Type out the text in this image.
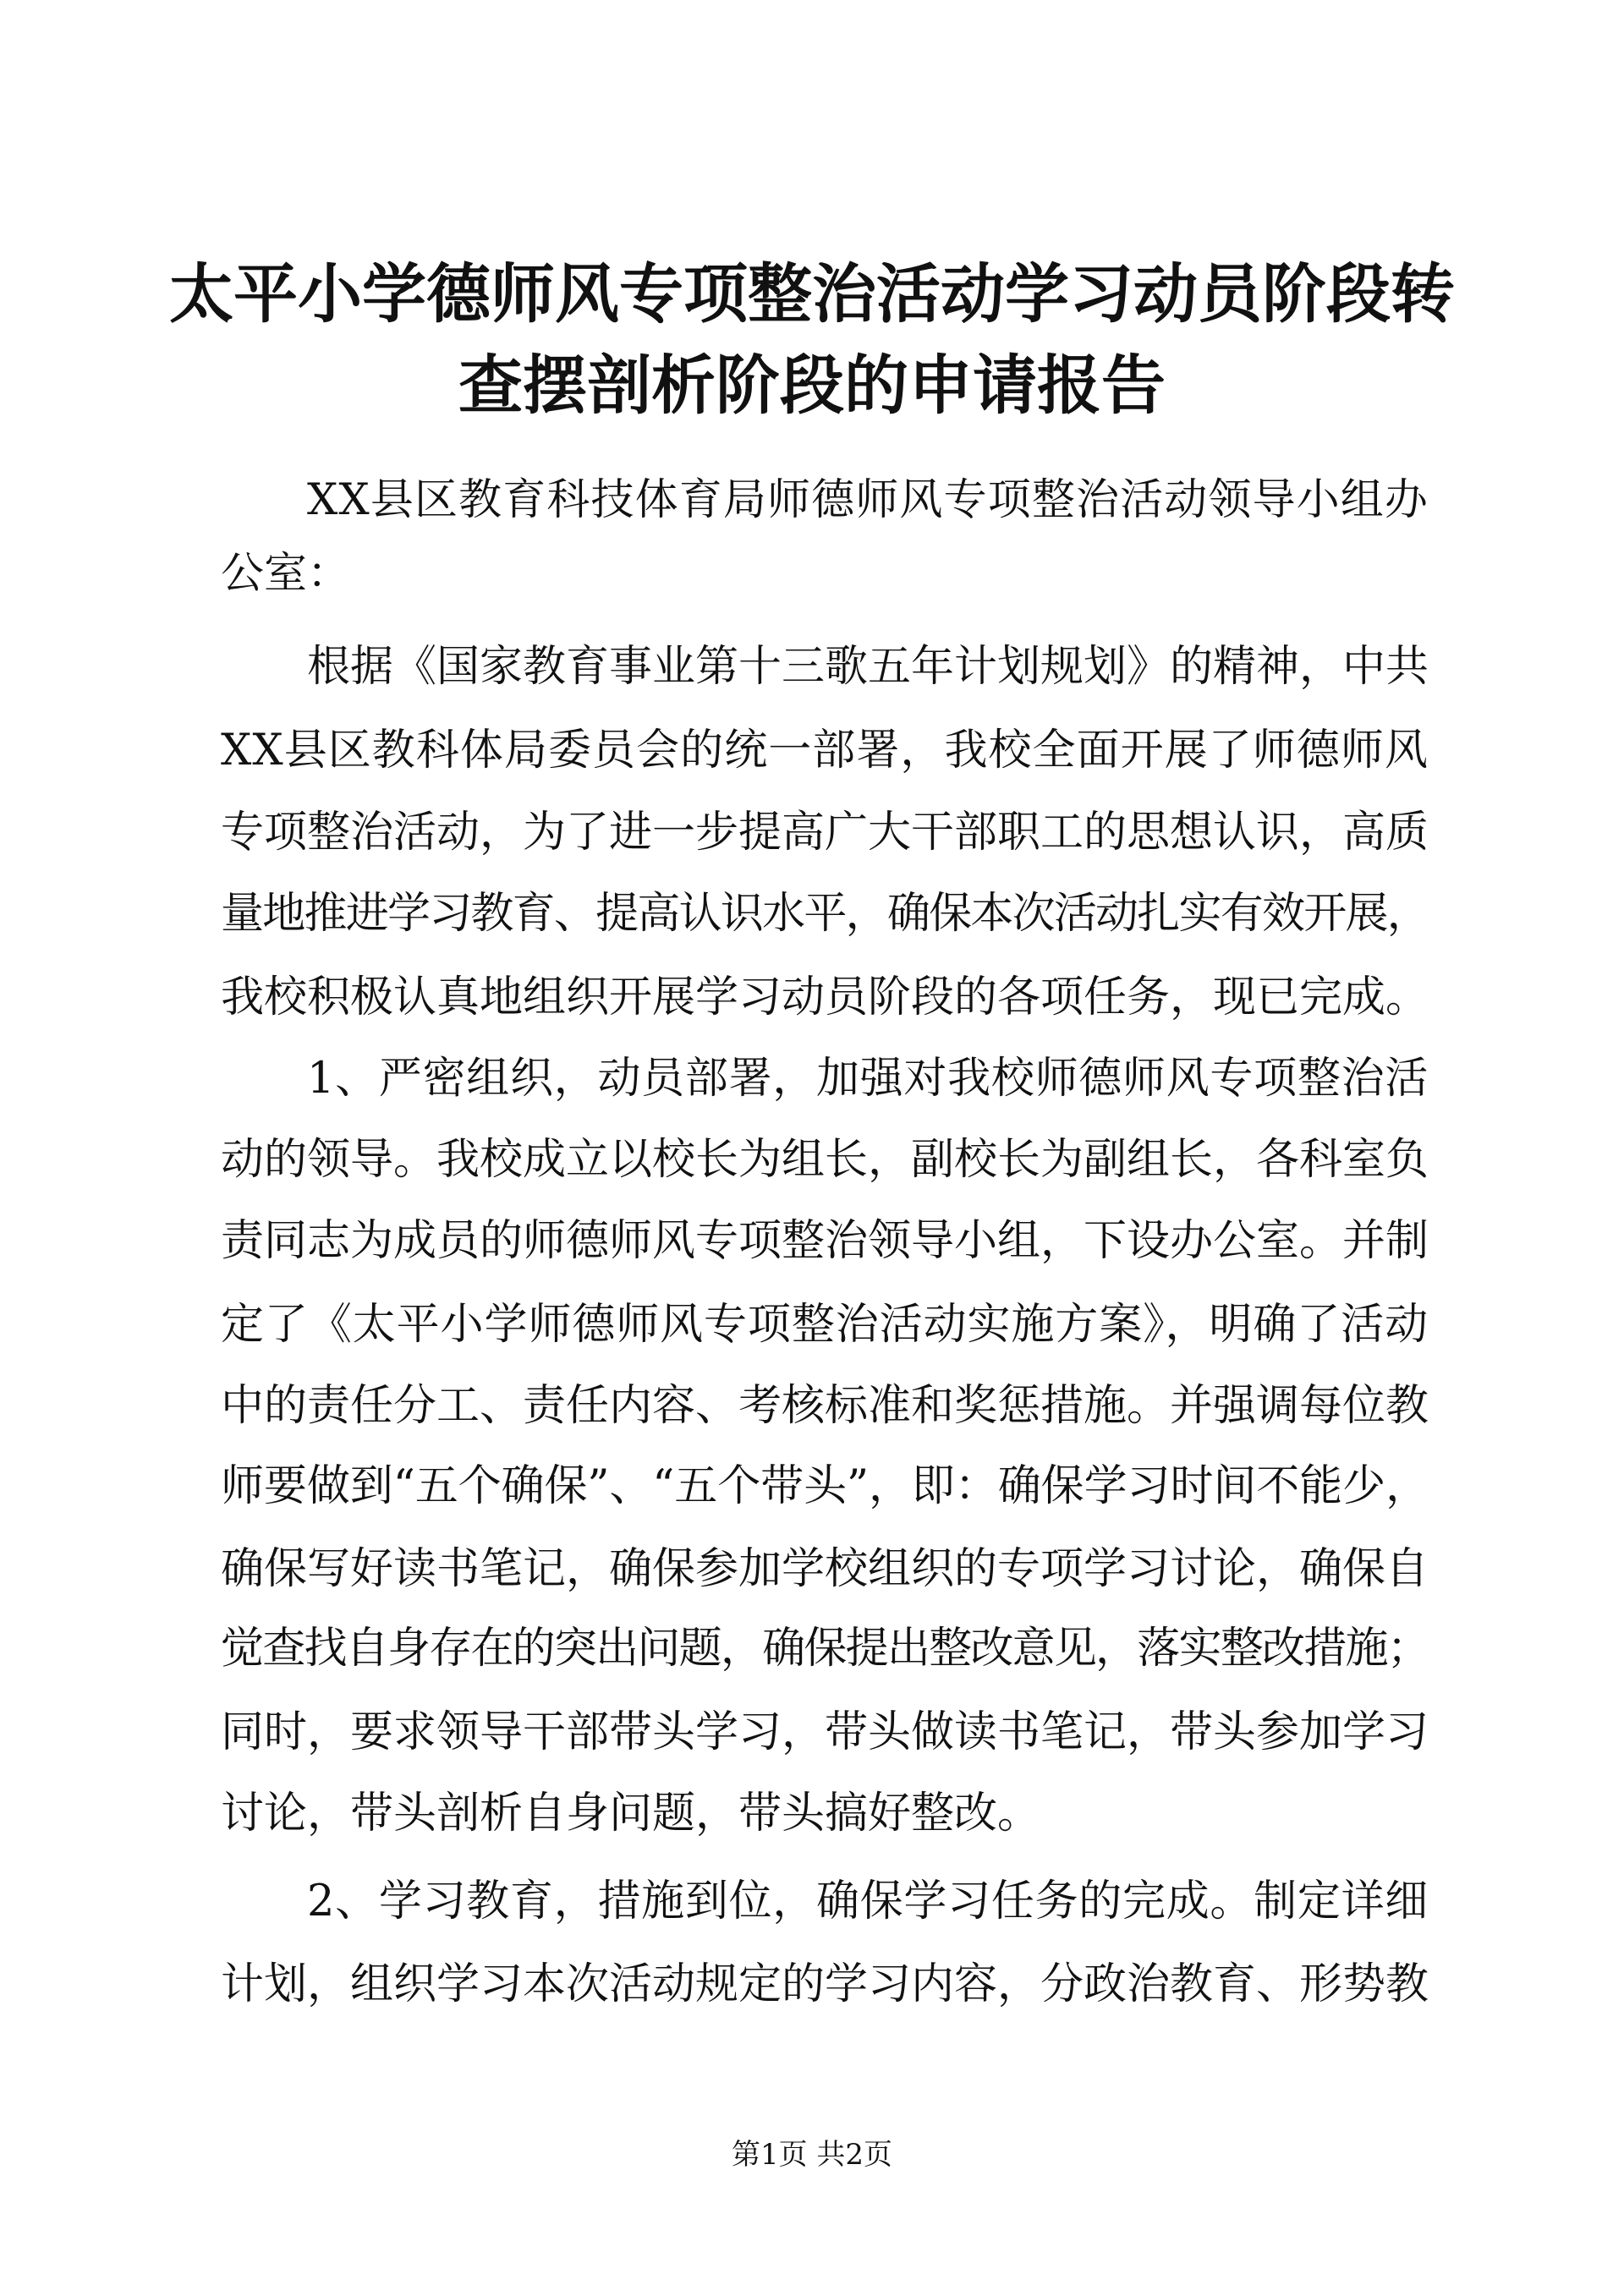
太平小学德师风专项整治活动学习动员阶段转
查摆剖析阶段的申请报告
XX县区教育科技体育局师德师风专项整治活动领导小组办
公室：
根据《国家教育事业第十三歌五年计划规划》的精神，中共
XX县区教科体局委员会的统一部署，我校全面开展了师德师风
专项整治活动，为了进一步提高广大干部职工的思想认识，高质
量地推进学习教育、提高认识水平，确保本次活动扎实有效开展，
我校积极认真地组织开展学习动员阶段的各项任务，现已完成。
1、严密组织，动员部署，加强对我校师德师风专项整治活
动的领导。我校成立以校长为组长，副校长为副组长，各科室负
责同志为成员的师德师风专项整治领导小组，下设办公室。并制
定了《太平小学师德师风专项整治活动实施方案》，明确了活动
中的责任分工、责任内容、考核标准和奖惩措施。并强调每位教
师要做到“五个确保”、“五个带头”，即：确保学习时间不能少，
确保写好读书笔记，确保参加学校组织的专项学习讨论，确保自
觉查找自身存在的突出问题，确保提出整改意见，落实整改措施；
同时，要求领导干部带头学习，带头做读书笔记，带头参加学习
讨论，带头剖析自身问题，带头搞好整改。
2、学习教育，措施到位，确保学习任务的完成。制定详细
计划，组织学习本次活动规定的学习内容，分政治教育、形势教
第1页 共2页
